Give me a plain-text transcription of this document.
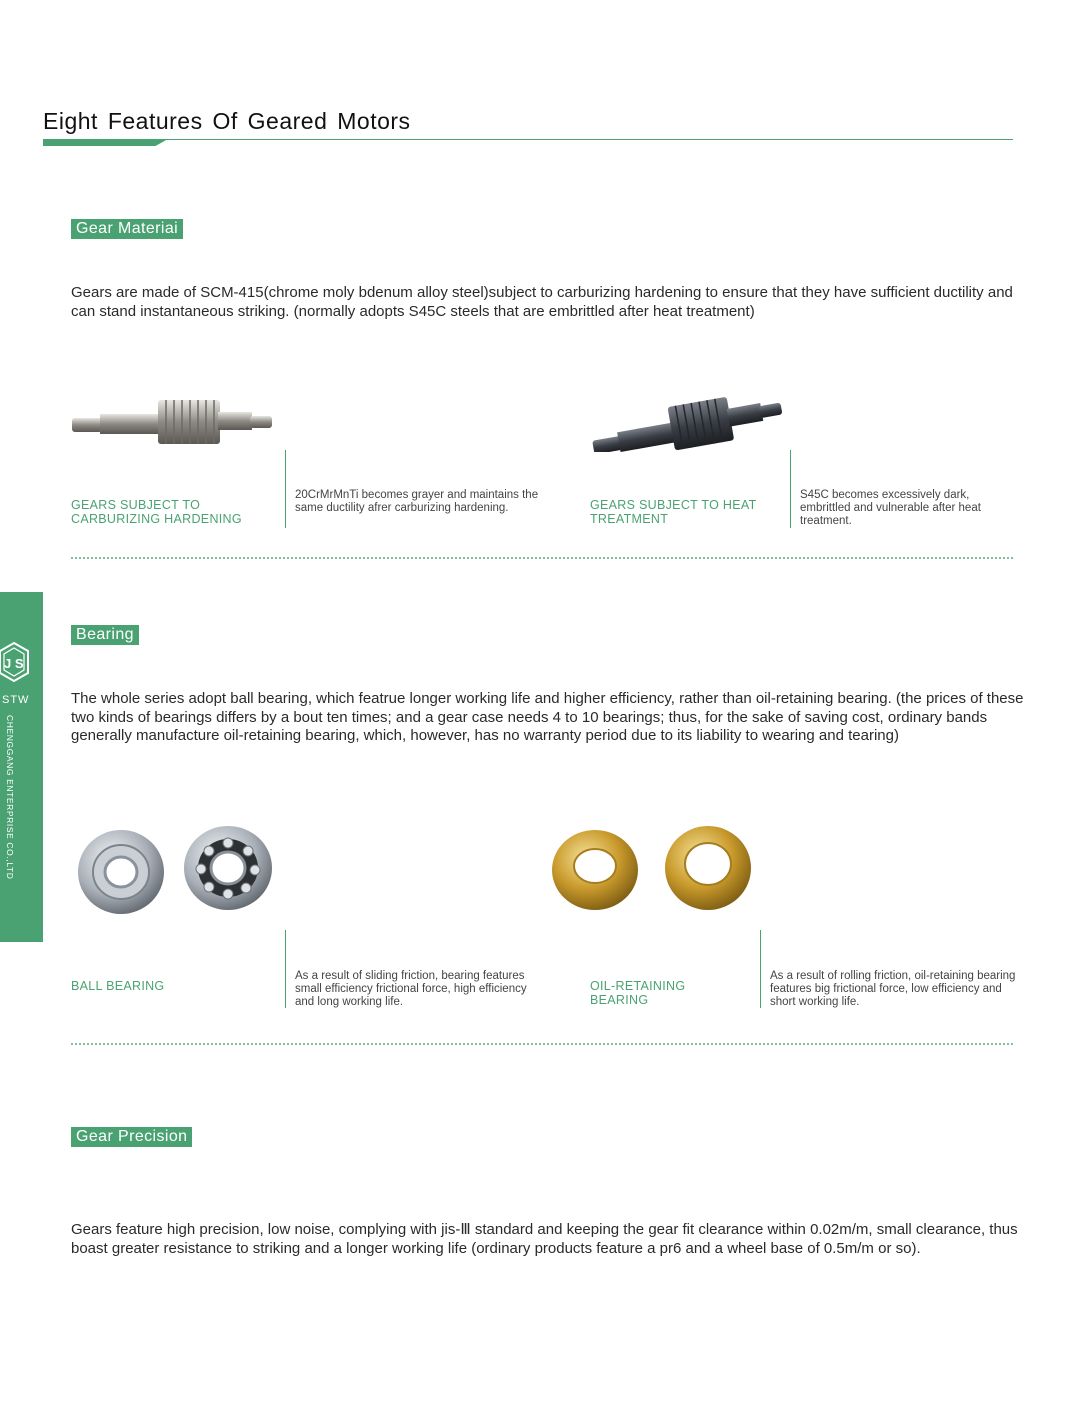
Eight Features Of Geared Motors
J S
STW
CHENGGANG ENTERPRISE CO.,LTD
Gear Materiai
Gears are made of SCM-415(chrome moly bdenum alloy steel)subject to carburizing hardening to ensure that they have sufficient ductility and can stand instantaneous striking. (normally adopts S45C steels that are embrittled after heat treatment)
GEARS SUBJECT TO CARBURIZING HARDENING
20CrMrMnTi becomes grayer and maintains the same ductility afrer carburizing hardening.	GEARS SUBJECT TO HEAT TREATMENT
S45C becomes excessively dark, embrittled and vulnerable after heat treatment.
Bearing
The whole series adopt ball bearing, which featrue longer working life and higher efficiency, rather than oil-retaining bearing. (the prices of these two kinds of bearings differs by a bout ten times; and a gear case needs 4 to 10 bearings; thus, for the sake of saving cost, ordinary bands generally manufacture oil-retaining bearing, which, however, has no warranty period due to its liability to wearing and tearing)
BALL BEARING
As a result of sliding friction, bearing features small efficiency frictional force, high efficiency and long working life.
OIL-RETAINING BEARING
As a result of rolling friction, oil-retaining bearing features big frictional force, low efficiency and short working life.
Gear Precision
Gears feature high precision, low noise, complying with jis-Ⅲ standard and keeping the gear fit clearance within 0.02m/m, small clearance, thus boast greater resistance to striking and a longer working life (ordinary products feature a pr6 and a wheel base of 0.5m/m or so).
